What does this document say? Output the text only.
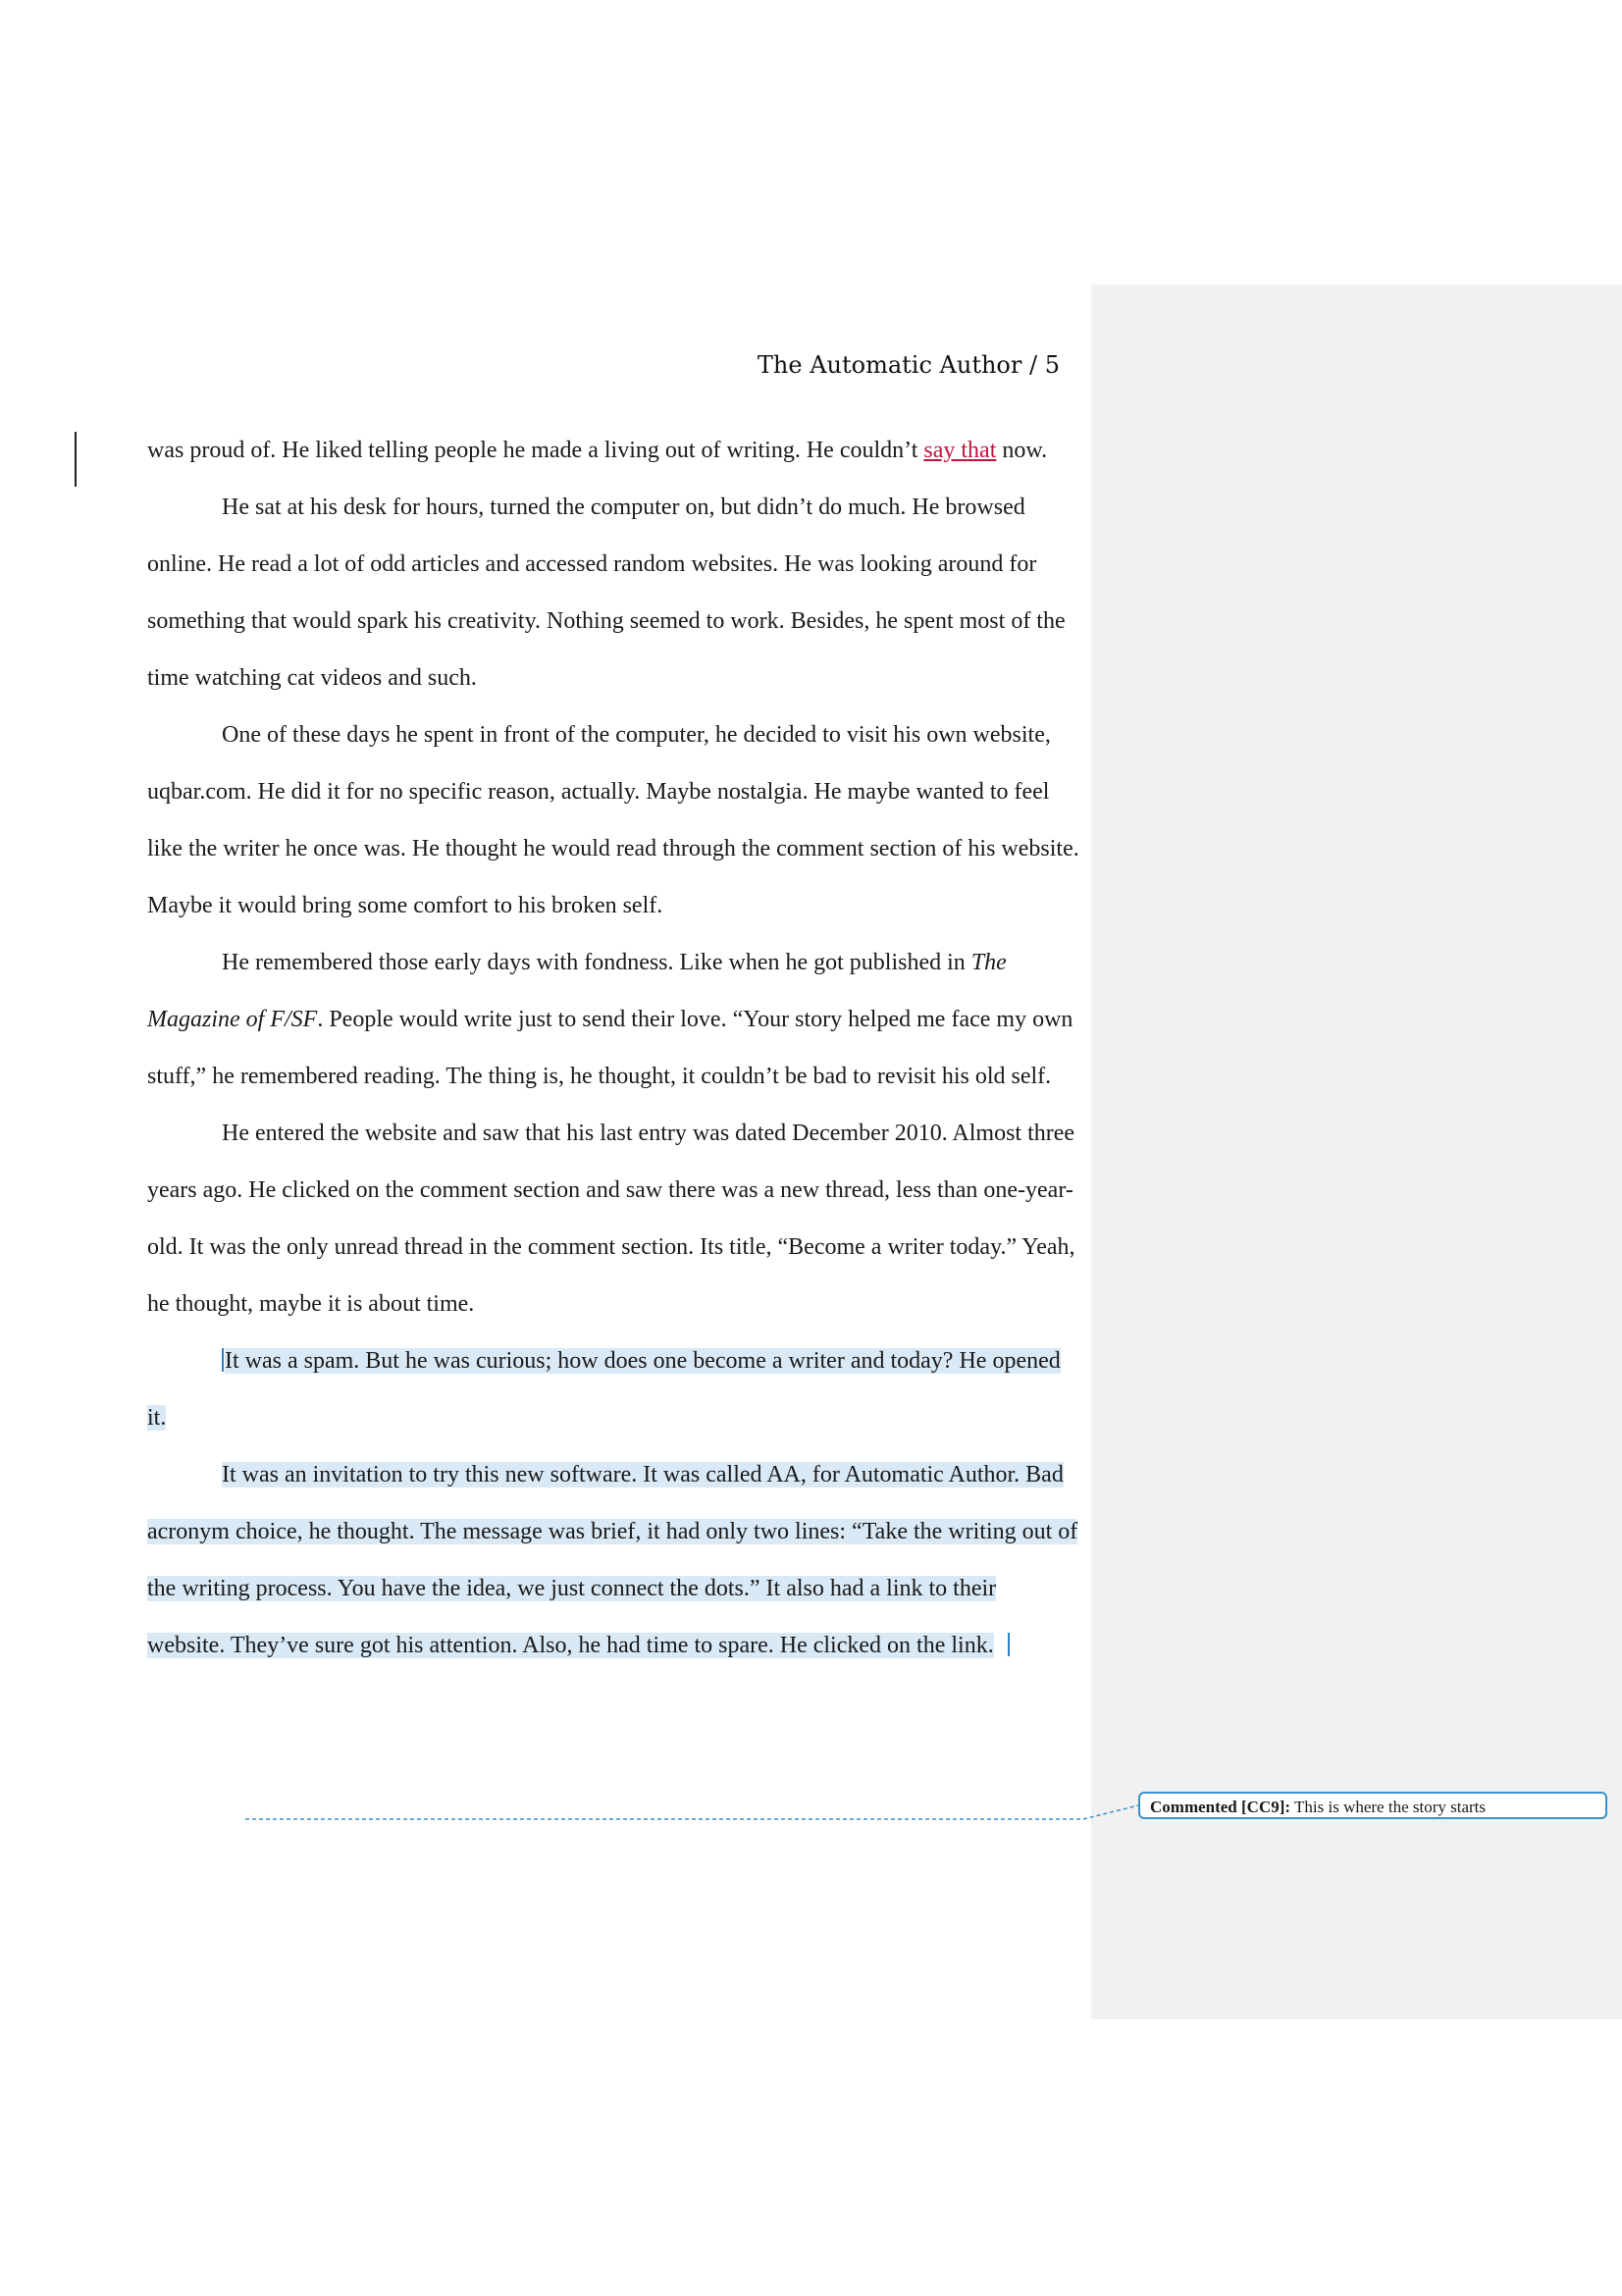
The Automatic Author / 5

was proud of. He liked telling people he made a living out of writing. He couldn’t say that now.

He sat at his desk for hours, turned the computer on, but didn’t do much. He browsed online. He read a lot of odd articles and accessed random websites. He was looking around for something that would spark his creativity. Nothing seemed to work. Besides, he spent most of the time watching cat videos and such.

One of these days he spent in front of the computer, he decided to visit his own website, uqbar.com. He did it for no specific reason, actually. Maybe nostalgia. He maybe wanted to feel like the writer he once was. He thought he would read through the comment section of his website. Maybe it would bring some comfort to his broken self.

He remembered those early days with fondness. Like when he got published in The Magazine of F/SF. People would write just to send their love. “Your story helped me face my own stuff,” he remembered reading. The thing is, he thought, it couldn’t be bad to revisit his old self.

He entered the website and saw that his last entry was dated December 2010. Almost three years ago. He clicked on the comment section and saw there was a new thread, less than one-year-old. It was the only unread thread in the comment section. Its title, “Become a writer today.” Yeah, he thought, maybe it is about time.

It was a spam. But he was curious; how does one become a writer and today? He opened it.

It was an invitation to try this new software. It was called AA, for Automatic Author. Bad acronym choice, he thought. The message was brief, it had only two lines: “Take the writing out of the writing process. You have the idea, we just connect the dots.” It also had a link to their website. They’ve sure got his attention. Also, he had time to spare. He clicked on the link.

Commented [CC9]: This is where the story starts
